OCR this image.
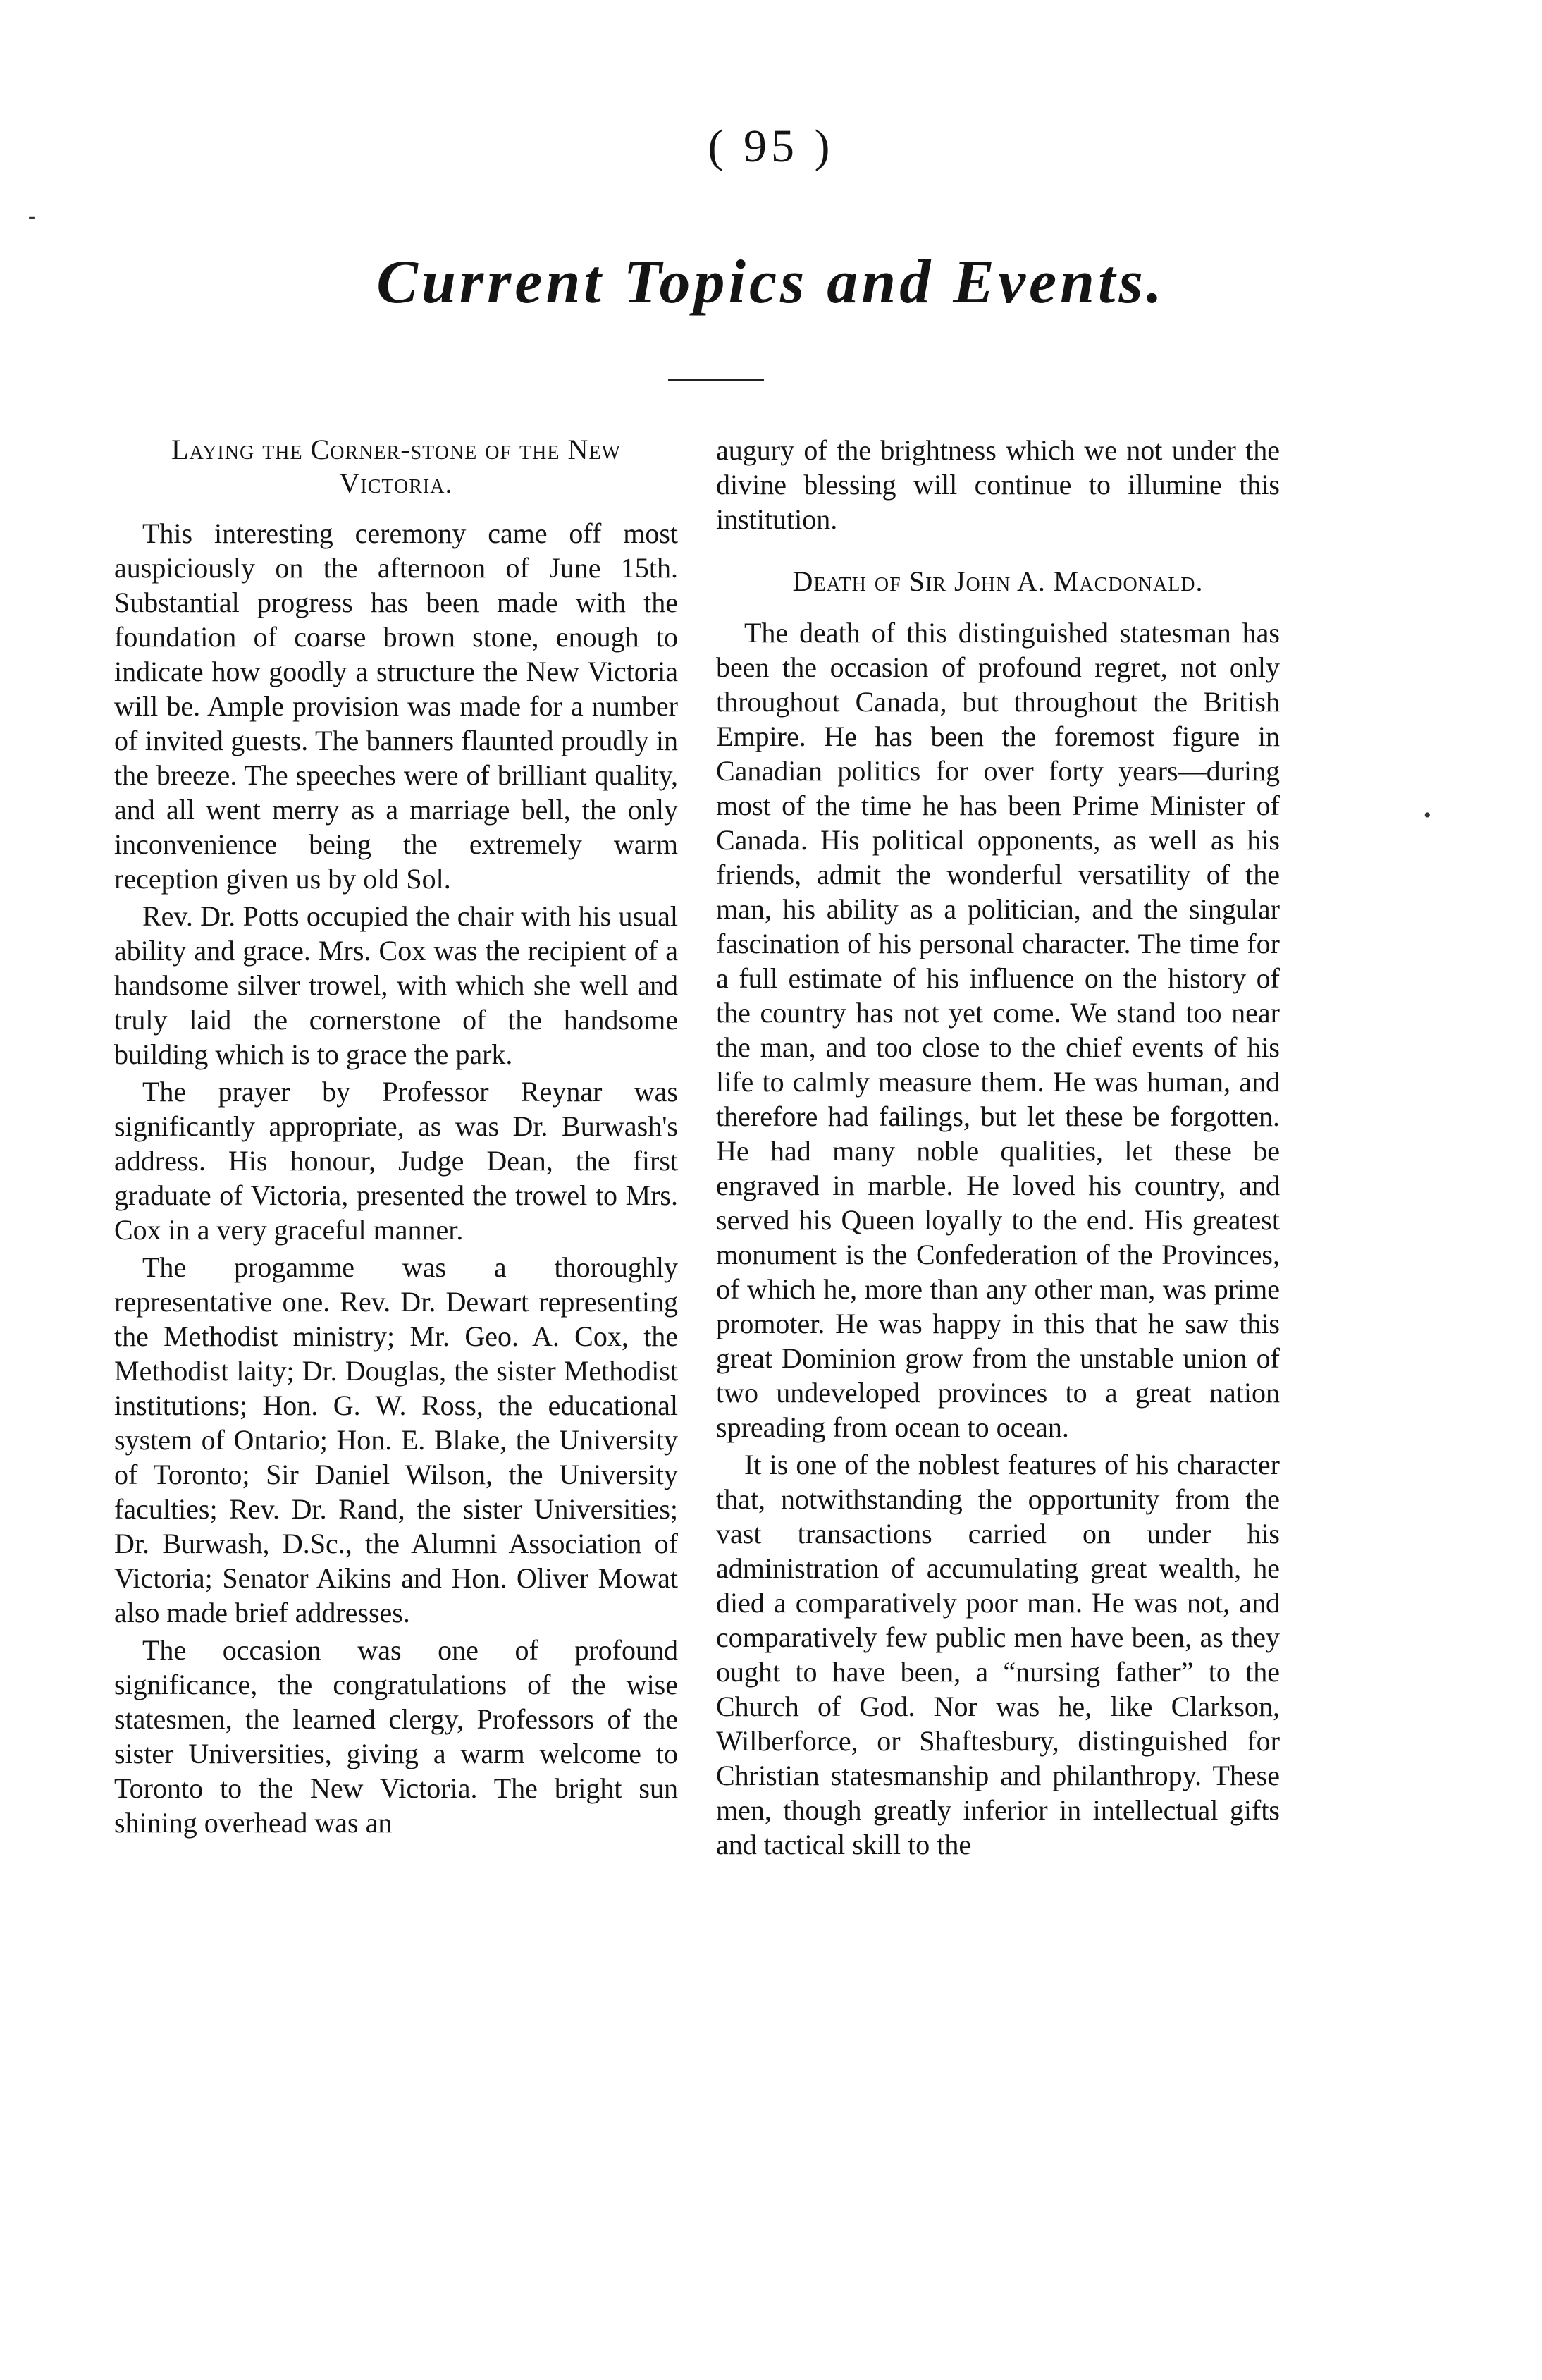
( 95 )
Current Topics and Events.
Laying the Corner-stone of the New Victoria.

This interesting ceremony came off most auspiciously on the afternoon of June 15th. Substantial progress has been made with the foundation of coarse brown stone, enough to indicate how goodly a structure the New Victoria will be. Ample provision was made for a number of invited guests. The banners flaunted proudly in the breeze. The speeches were of brilliant quality, and all went merry as a marriage bell, the only inconvenience being the extremely warm reception given us by old Sol.

Rev. Dr. Potts occupied the chair with his usual ability and grace. Mrs. Cox was the recipient of a handsome silver trowel, with which she well and truly laid the cornerstone of the handsome building which is to grace the park.

The prayer by Professor Reynar was significantly appropriate, as was Dr. Burwash's address. His honour, Judge Dean, the first graduate of Victoria, presented the trowel to Mrs. Cox in a very graceful manner.

The progamme was a thoroughly representative one. Rev. Dr. Dewart representing the Methodist ministry; Mr. Geo. A. Cox, the Methodist laity; Dr. Douglas, the sister Methodist institutions; Hon. G. W. Ross, the educational system of Ontario; Hon. E. Blake, the University of Toronto; Sir Daniel Wilson, the University faculties; Rev. Dr. Rand, the sister Universities; Dr. Burwash, D.Sc., the Alumni Association of Victoria; Senator Aikins and Hon. Oliver Mowat also made brief addresses.

The occasion was one of profound significance, the congratulations of the wise statesmen, the learned clergy, Professors of the sister Universities, giving a warm welcome to Toronto to the New Victoria. The bright sun shining overhead was an

augury of the brightness which we not under the divine blessing will continue to illumine this institution.

Death of Sir John A. Macdonald.

The death of this distinguished statesman has been the occasion of profound regret, not only throughout Canada, but throughout the British Empire. He has been the foremost figure in Canadian politics for over forty years—during most of the time he has been Prime Minister of Canada. His political opponents, as well as his friends, admit the wonderful versatility of the man, his ability as a politician, and the singular fascination of his personal character. The time for a full estimate of his influence on the history of the country has not yet come. We stand too near the man, and too close to the chief events of his life to calmly measure them. He was human, and therefore had failings, but let these be forgotten. He had many noble qualities, let these be engraved in marble. He loved his country, and served his Queen loyally to the end. His greatest monument is the Confederation of the Provinces, of which he, more than any other man, was prime promoter. He was happy in this that he saw this great Dominion grow from the unstable union of two undeveloped provinces to a great nation spreading from ocean to ocean.

It is one of the noblest features of his character that, notwithstanding the opportunity from the vast transactions carried on under his administration of accumulating great wealth, he died a comparatively poor man. He was not, and comparatively few public men have been, as they ought to have been, a “nursing father” to the Church of God. Nor was he, like Clarkson, Wilberforce, or Shaftesbury, distinguished for Christian statesmanship and philanthropy. These men, though greatly inferior in intellectual gifts and tactical skill to the

-
•
